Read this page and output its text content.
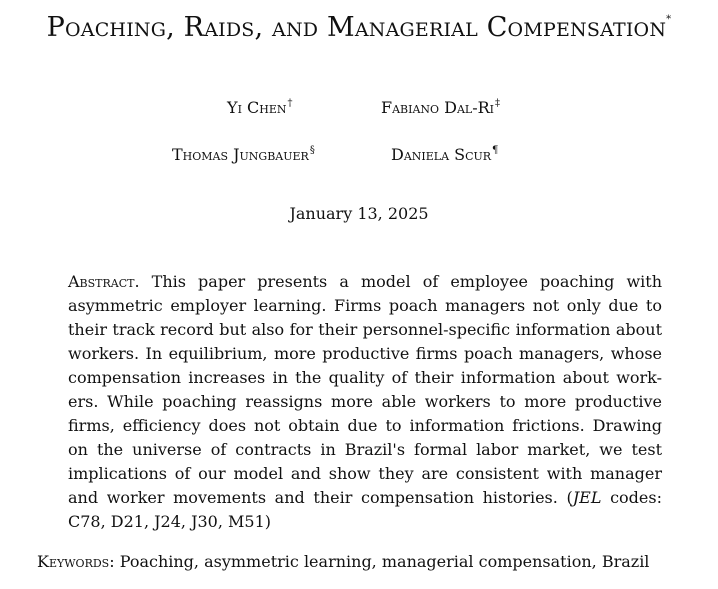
Poaching, Raids, and Managerial Compensation*
Yi Chen†	Fabiano Dal-Ri‡
Thomas Jungbauer§	Daniela Scur¶
January 13, 2025
Abstract. This paper presents a model of employee poaching with
asymmetric employer learning. Firms poach managers not only due to
their track record but also for their personnel-specific information about
workers. In equilibrium, more productive firms poach managers, whose
compensation increases in the quality of their information about work-
ers. While poaching reassigns more able workers to more productive
firms, efficiency does not obtain due to information frictions. Drawing
on the universe of contracts in Brazil's formal labor market, we test
implications of our model and show they are consistent with manager
and worker movements and their compensation histories. (JEL codes:
C78, D21, J24, J30, M51)
Keywords: Poaching, asymmetric learning, managerial compensation, Brazil
